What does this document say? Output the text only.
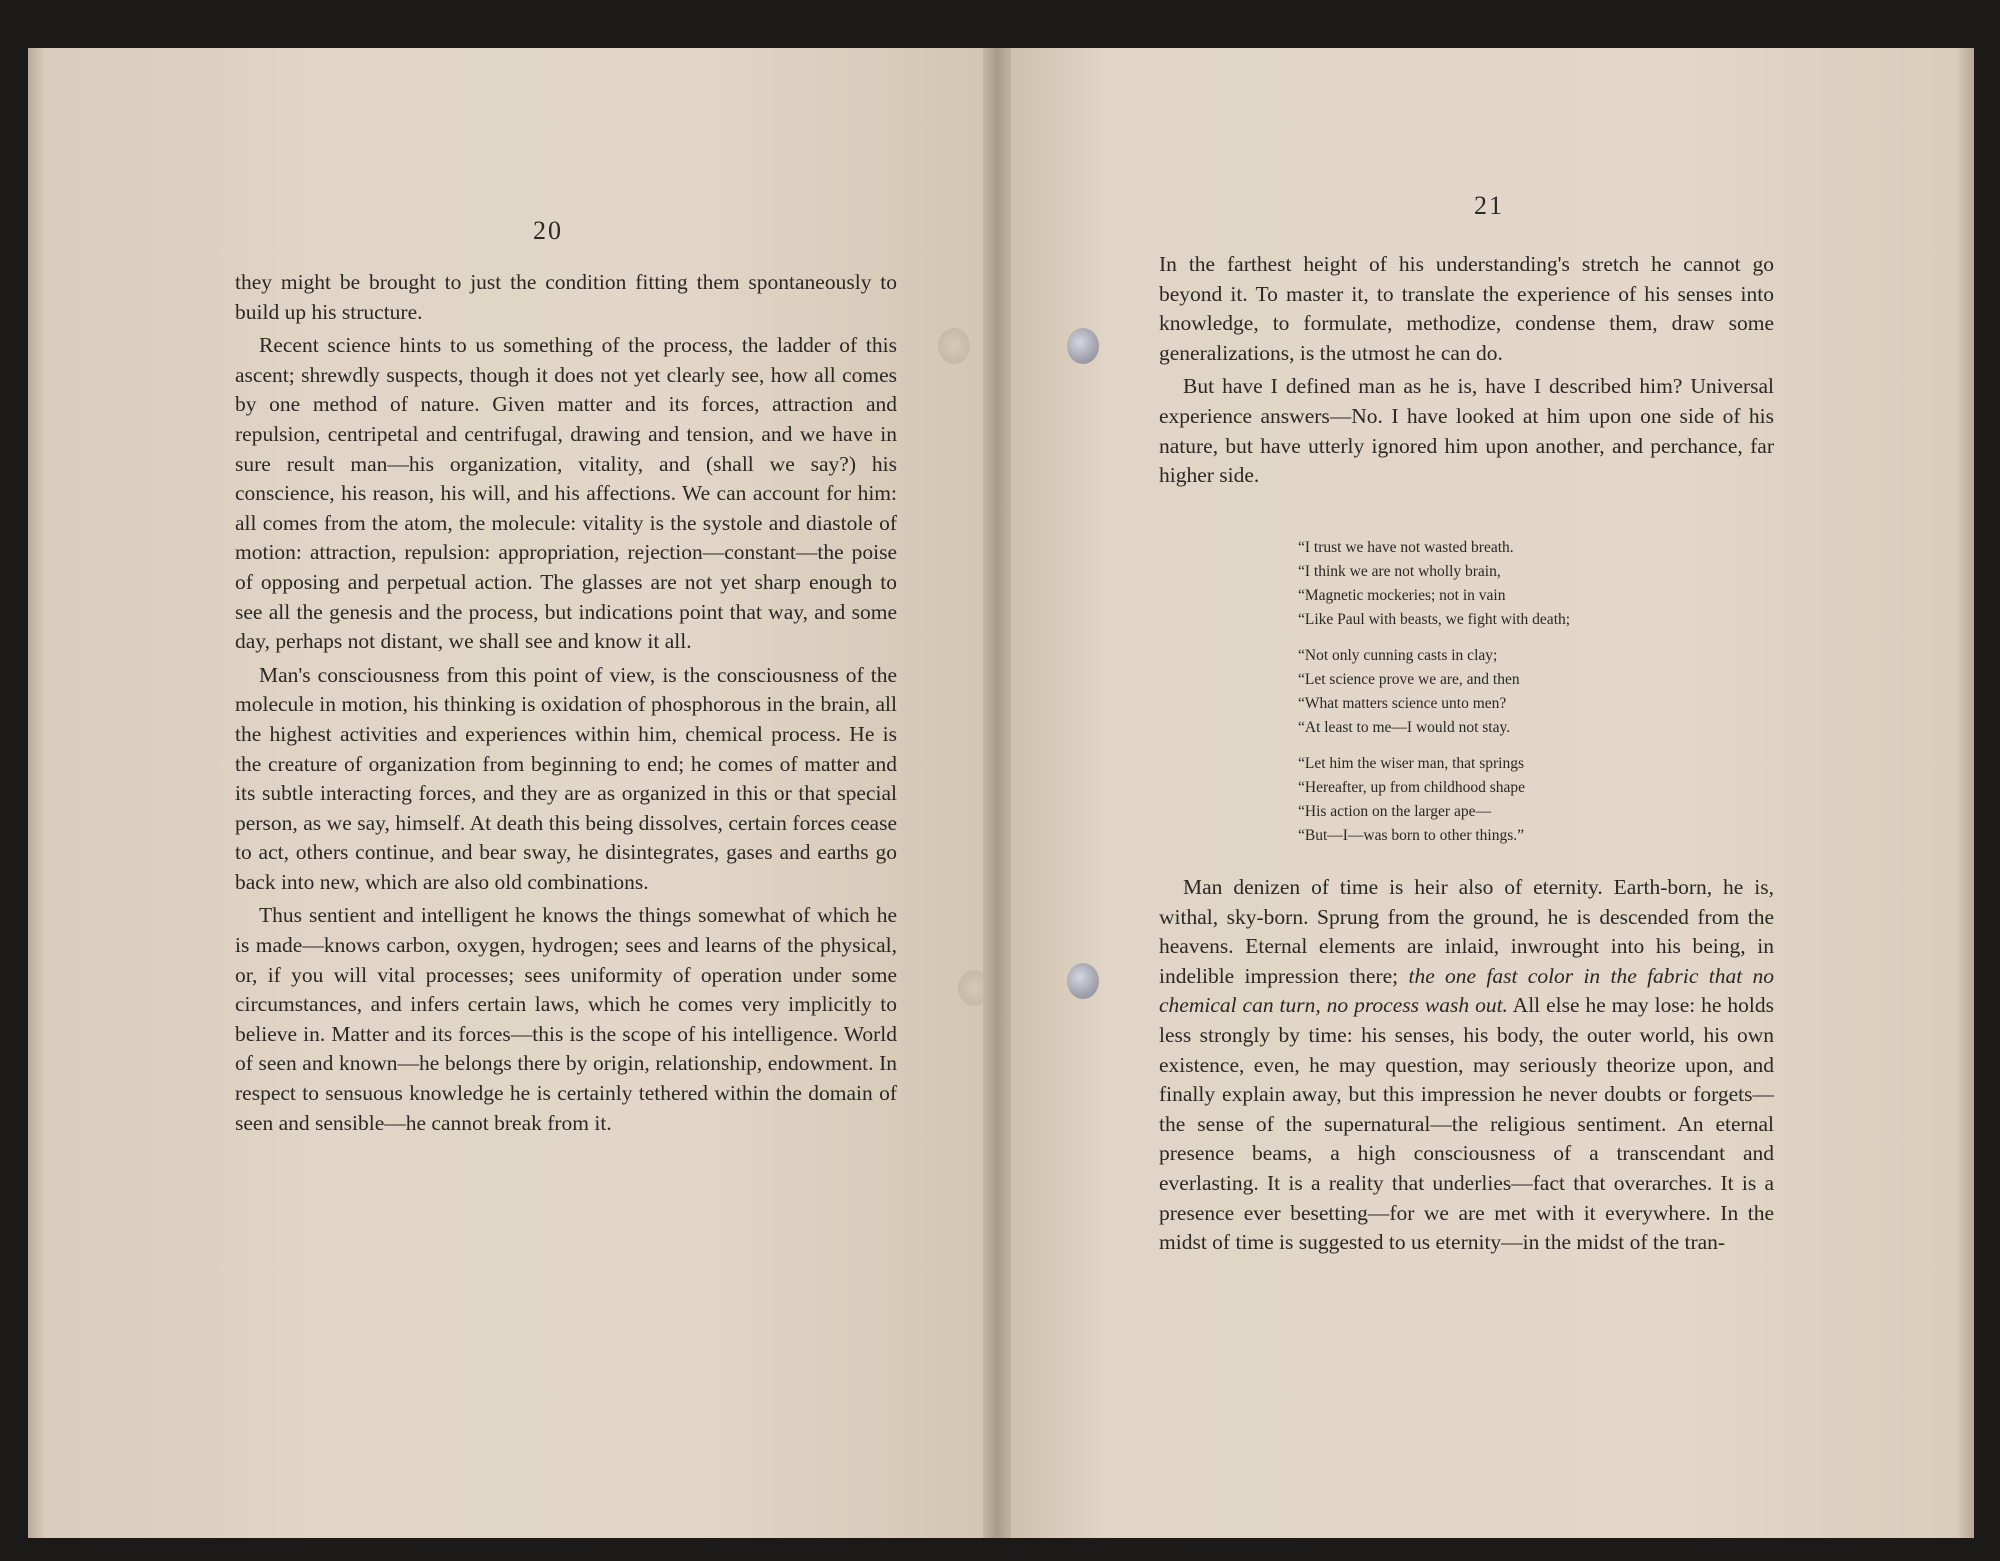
20

they might be brought to just the condition fitting them spontaneously to build up his structure.

Recent science hints to us something of the process, the ladder of this ascent; shrewdly suspects, though it does not yet clearly see, how all comes by one method of nature. Given matter and its forces, attraction and repulsion, centripetal and centrifugal, drawing and tension, and we have in sure result man—his organization, vitality, and (shall we say?) his conscience, his reason, his will, and his affections. We can account for him: all comes from the atom, the molecule: vitality is the systole and diastole of motion: attraction, repulsion: appropriation, rejection—constant—the poise of opposing and perpetual action. The glasses are not yet sharp enough to see all the genesis and the process, but indications point that way, and some day, perhaps not distant, we shall see and know it all.

Man's consciousness from this point of view, is the consciousness of the molecule in motion, his thinking is oxidation of phosphorous in the brain, all the highest activities and experiences within him, chemical process. He is the creature of organization from beginning to end; he comes of matter and its subtle interacting forces, and they are as organized in this or that special person, as we say, himself. At death this being dissolves, certain forces cease to act, others continue, and bear sway, he disintegrates, gases and earths go back into new, which are also old combinations.

Thus sentient and intelligent he knows the things somewhat of which he is made—knows carbon, oxygen, hydrogen; sees and learns of the physical, or, if you will vital processes; sees uniformity of operation under some circumstances, and infers certain laws, which he comes very implicitly to believe in. Matter and its forces—this is the scope of his intelligence. World of seen and known—he belongs there by origin, relationship, endowment. In respect to sensuous knowledge he is certainly tethered within the domain of seen and sensible—he cannot break from it.

21

In the farthest height of his understanding's stretch he cannot go beyond it. To master it, to translate the experience of his senses into knowledge, to formulate, methodize, condense them, draw some generalizations, is the utmost he can do.

But have I defined man as he is, have I described him? Universal experience answers—No. I have looked at him upon one side of his nature, but have utterly ignored him upon another, and perchance, far higher side.

“I trust we have not wasted breath.
“I think we are not wholly brain,
“Magnetic mockeries; not in vain
“Like Paul with beasts, we fight with death;
“Not only cunning casts in clay;
“Let science prove we are, and then
“What matters science unto men?
“At least to me—I would not stay.
“Let him the wiser man, that springs
“Hereafter, up from childhood shape
“His action on the larger ape—
“But—I—was born to other things.”

Man denizen of time is heir also of eternity. Earth-born, he is, withal, sky-born. Sprung from the ground, he is descended from the heavens. Eternal elements are inlaid, inwrought into his being, in indelible impression there; the one fast color in the fabric that no chemical can turn, no process wash out. All else he may lose: he holds less strongly by time: his senses, his body, the outer world, his own existence, even, he may question, may seriously theorize upon, and finally explain away, but this impression he never doubts or forgets—the sense of the supernatural—the religious sentiment. An eternal presence beams, a high consciousness of a transcendant and everlasting. It is a reality that underlies—fact that overarches. It is a presence ever besetting—for we are met with it everywhere. In the midst of time is suggested to us eternity—in the midst of the tran-
